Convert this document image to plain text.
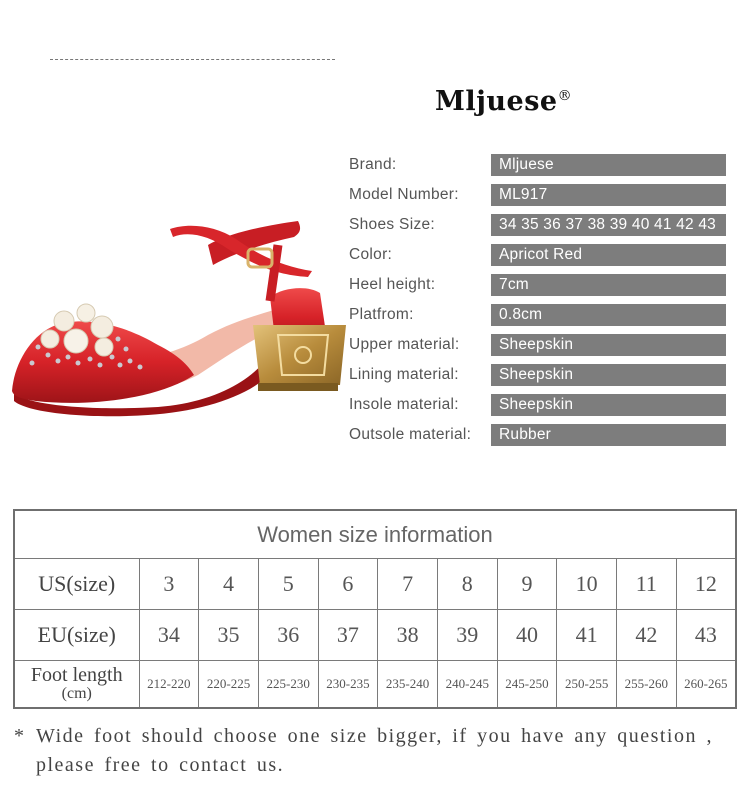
Mljuese®
Brand:	Mljuese
Model Number:	ML917
Shoes Size:	34 35 36 37 38 39 40 41 42 43
Color:	Apricot Red
Heel height:	7cm
Platfrom:	0.8cm
Upper material:	Sheepskin
Lining material:	Sheepskin
Insole material:	Sheepskin
Outsole material:	Rubber
Women size information										
US(size)	3	4	5	6	7	8	9	10	11	12
EU(size)	34	35	36	37	38	39	40	41	42	43
Foot length
(cm)	212-220	220-225	225-230	230-235	235-240	240-245	245-250	250-255	255-260	260-265
* Wide foot should choose one size bigger, if you have any question ,
please free to contact us.
